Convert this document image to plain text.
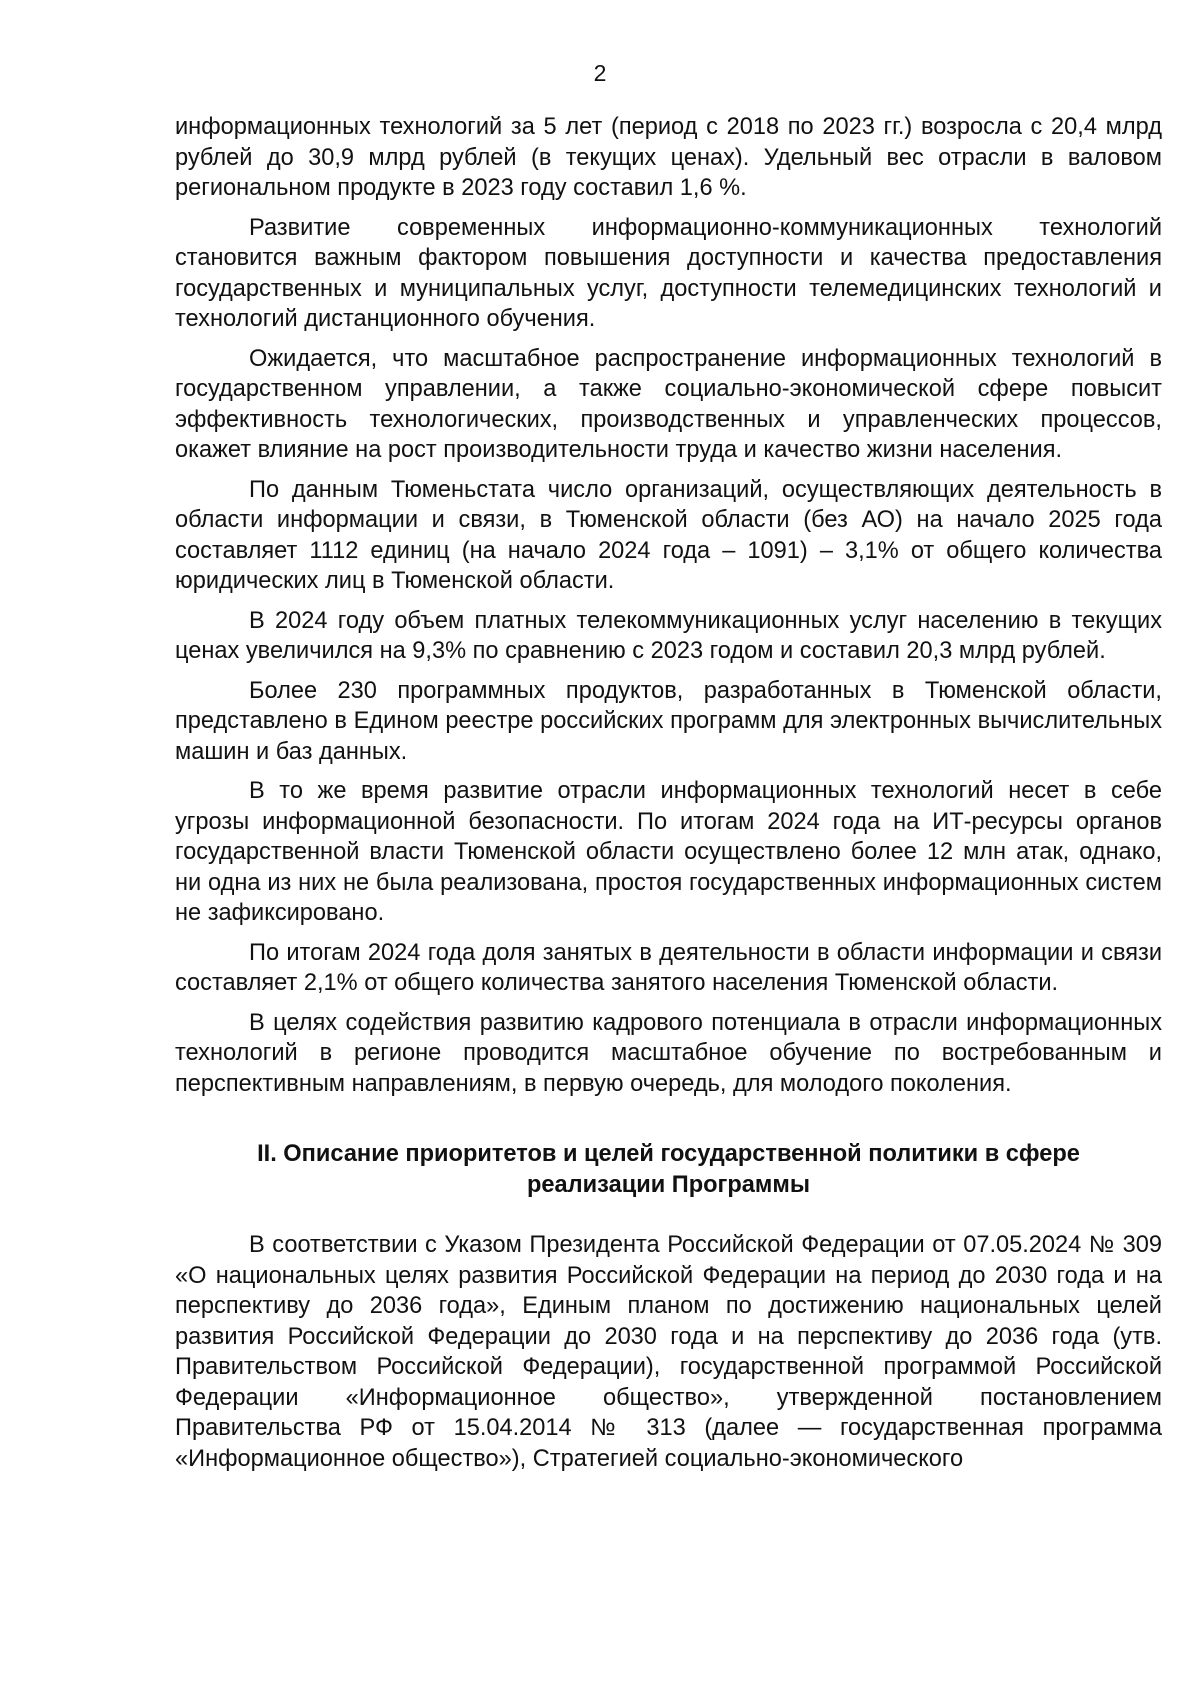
2

информационных технологий за 5 лет (период с 2018 по 2023 гг.) возросла с 20,4 млрд рублей до 30,9 млрд рублей (в текущих ценах). Удельный вес отрасли в валовом региональном продукте в 2023 году составил 1,6 %.

Развитие современных информационно-коммуникационных технологий становится важным фактором повышения доступности и качества предоставления государственных и муниципальных услуг, доступности телемедицинских технологий и технологий дистанционного обучения.

Ожидается, что масштабное распространение информационных технологий в государственном управлении, а также социально-экономической сфере повысит эффективность технологических, производственных и управленческих процессов, окажет влияние на рост производительности труда и качество жизни населения.

По данным Тюменьстата число организаций, осуществляющих деятельность в области информации и связи, в Тюменской области (без АО) на начало 2025 года составляет 1112 единиц (на начало 2024 года – 1091) – 3,1% от общего количества юридических лиц в Тюменской области.

В 2024 году объем платных телекоммуникационных услуг населению в текущих ценах увеличился на 9,3% по сравнению с 2023 годом и составил 20,3 млрд рублей.

Более 230 программных продуктов, разработанных в Тюменской области, представлено в Едином реестре российских программ для электронных вычислительных машин и баз данных.

В то же время развитие отрасли информационных технологий несет в себе угрозы информационной безопасности. По итогам 2024 года на ИТ-ресурсы органов государственной власти Тюменской области осуществлено более 12 млн атак, однако, ни одна из них не была реализована, простоя государственных информационных систем не зафиксировано.

По итогам 2024 года доля занятых в деятельности в области информации и связи составляет 2,1% от общего количества занятого населения Тюменской области.

В целях содействия развитию кадрового потенциала в отрасли информационных технологий в регионе проводится масштабное обучение по востребованным и перспективным направлениям, в первую очередь, для молодого поколения.

II. Описание приоритетов и целей государственной политики в сфере реализации Программы

В соответствии с Указом Президента Российской Федерации от 07.05.2024 № 309 «О национальных целях развития Российской Федерации на период до 2030 года и на перспективу до 2036 года», Единым планом по достижению национальных целей развития Российской Федерации до 2030 года и на перспективу до 2036 года (утв. Правительством Российской Федерации), государственной программой Российской Федерации «Информационное общество», утвержденной постановлением Правительства РФ от 15.04.2014 № 313 (далее — государственная программа «Информационное общество»), Стратегией социально-экономического
